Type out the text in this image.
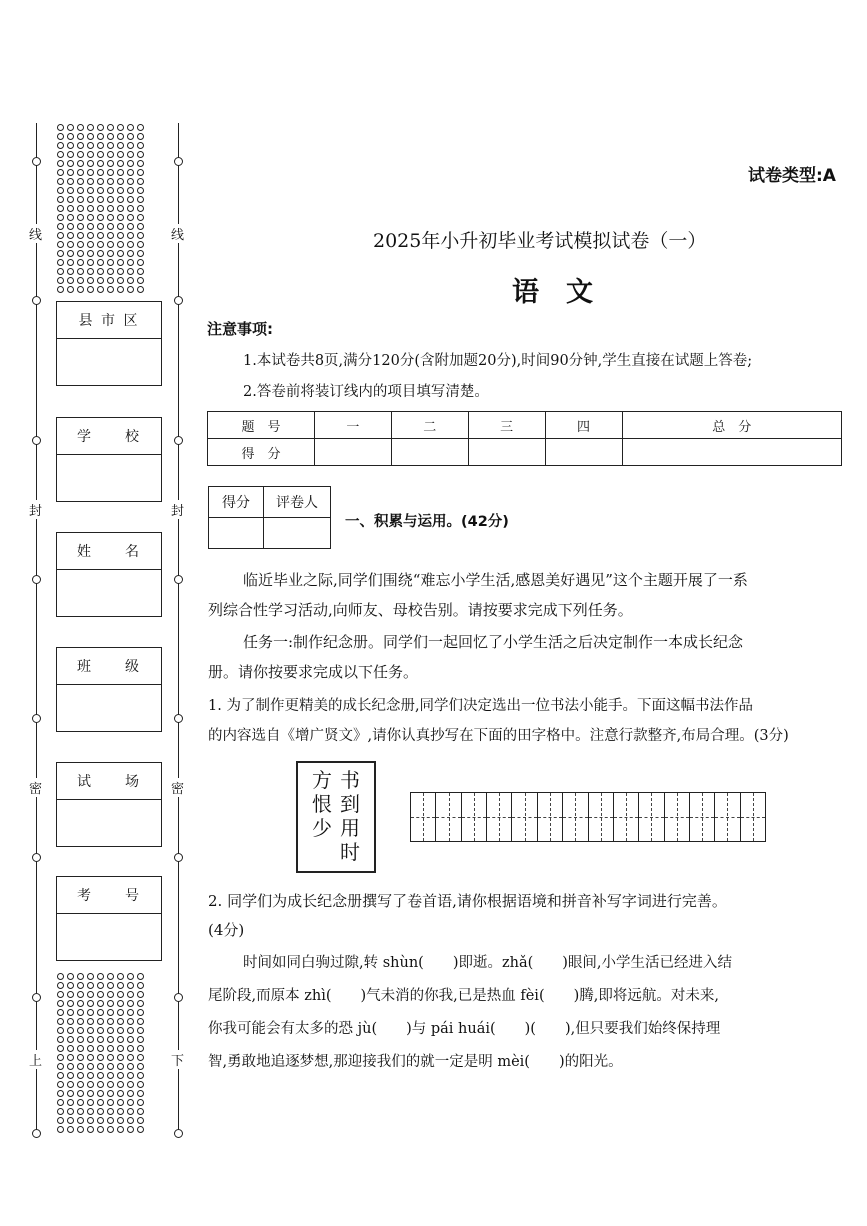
线
封
密
上
线
封
密
下
县 市 区
学　　校
姓　　名
班　　级
试　　场
考　　号
试卷类型:A
2025年小升初毕业考试模拟试卷（一）
语　文
注意事项:
1.本试卷共8页,满分120分(含附加题20分),时间90分钟,学生直接在试题上答卷;
2.答卷前将装订线内的项目填写清楚。
题　号	一	二	三	四	总　分
得　分					
得分	评卷人

一、积累与运用。(42分)
临近毕业之际,同学们围绕“难忘小学生活,感恩美好遇见”这个主题开展了一系
列综合性学习活动,向师友、母校告别。请按要求完成下列任务。
任务一:制作纪念册。同学们一起回忆了小学生活之后决定制作一本成长纪念
册。请你按要求完成以下任务。
1. 为了制作更精美的成长纪念册,同学们决定选出一位书法小能手。下面这幅书法作品
的内容选自《增广贤文》,请你认真抄写在下面的田字格中。注意行款整齐,布局合理。(3分)
书
到
用
时
方
恨
少
2. 同学们为成长纪念册撰写了卷首语,请你根据语境和拼音补写字词进行完善。
(4分)
时间如同白驹过隙,转 shùn(　　)即逝。zhǎ(　　)眼间,小学生活已经进入结
尾阶段,而原本 zhì(　　)气未消的你我,已是热血 fèi(　　)腾,即将远航。对未来,
你我可能会有太多的恐 jù(　　)与 pái huái(　　)(　　),但只要我们始终保持理
智,勇敢地追逐梦想,那迎接我们的就一定是明 mèi(　　)的阳光。
